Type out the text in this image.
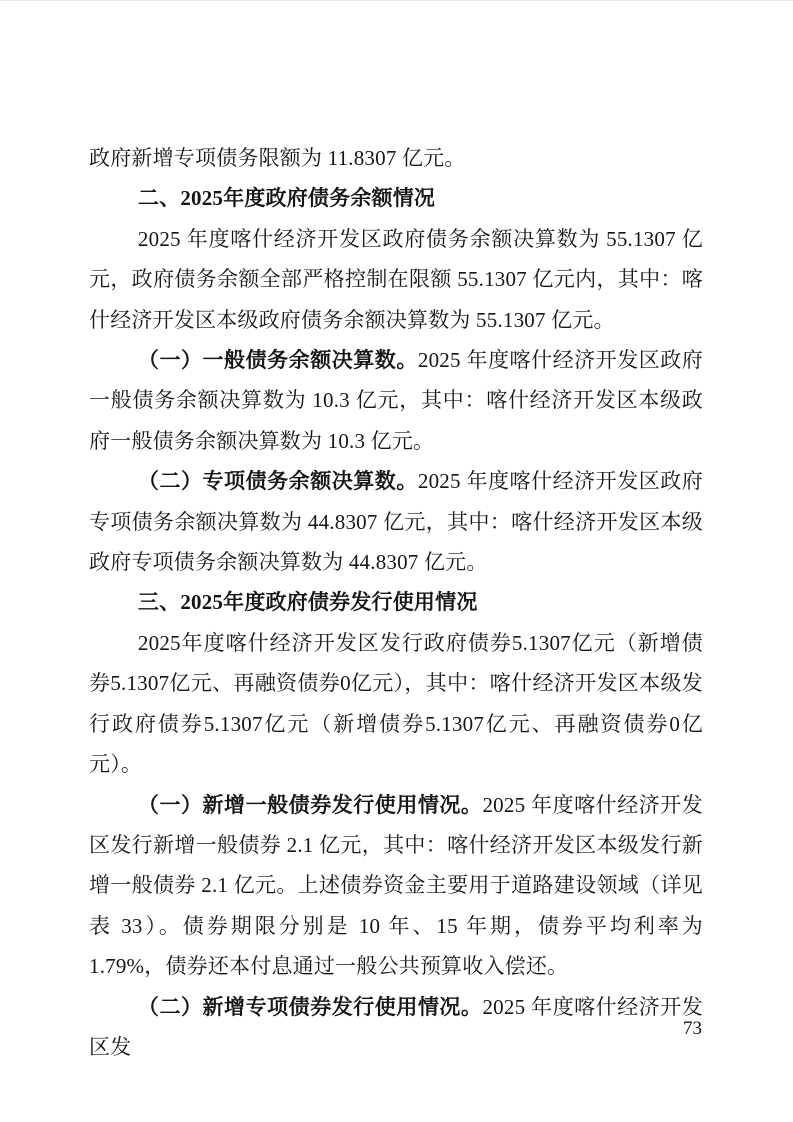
政府新增专项债务限额为 11.8307 亿元。

二、2025年度政府债务余额情况

2025 年度喀什经济开发区政府债务余额决算数为 55.1307 亿元，政府债务余额全部严格控制在限额 55.1307 亿元内，其中：喀什经济开发区本级政府债务余额决算数为 55.1307 亿元。

（一）一般债务余额决算数。2025 年度喀什经济开发区政府一般债务余额决算数为 10.3 亿元，其中：喀什经济开发区本级政府一般债务余额决算数为 10.3 亿元。

（二）专项债务余额决算数。2025 年度喀什经济开发区政府专项债务余额决算数为 44.8307 亿元，其中：喀什经济开发区本级政府专项债务余额决算数为 44.8307 亿元。

三、2025年度政府债券发行使用情况

2025年度喀什经济开发区发行政府债券5.1307亿元（新增债券5.1307亿元、再融资债券0亿元），其中：喀什经济开发区本级发行政府债券5.1307亿元（新增债券5.1307亿元、再融资债券0亿元）。

（一）新增一般债券发行使用情况。2025 年度喀什经济开发区发行新增一般债券 2.1 亿元，其中：喀什经济开发区本级发行新增一般债券 2.1 亿元。上述债券资金主要用于道路建设领域（详见表 33）。债券期限分别是 10 年、15 年期，债券平均利率为 1.79%，债券还本付息通过一般公共预算收入偿还。

（二）新增专项债券发行使用情况。2025 年度喀什经济开发区发

73
